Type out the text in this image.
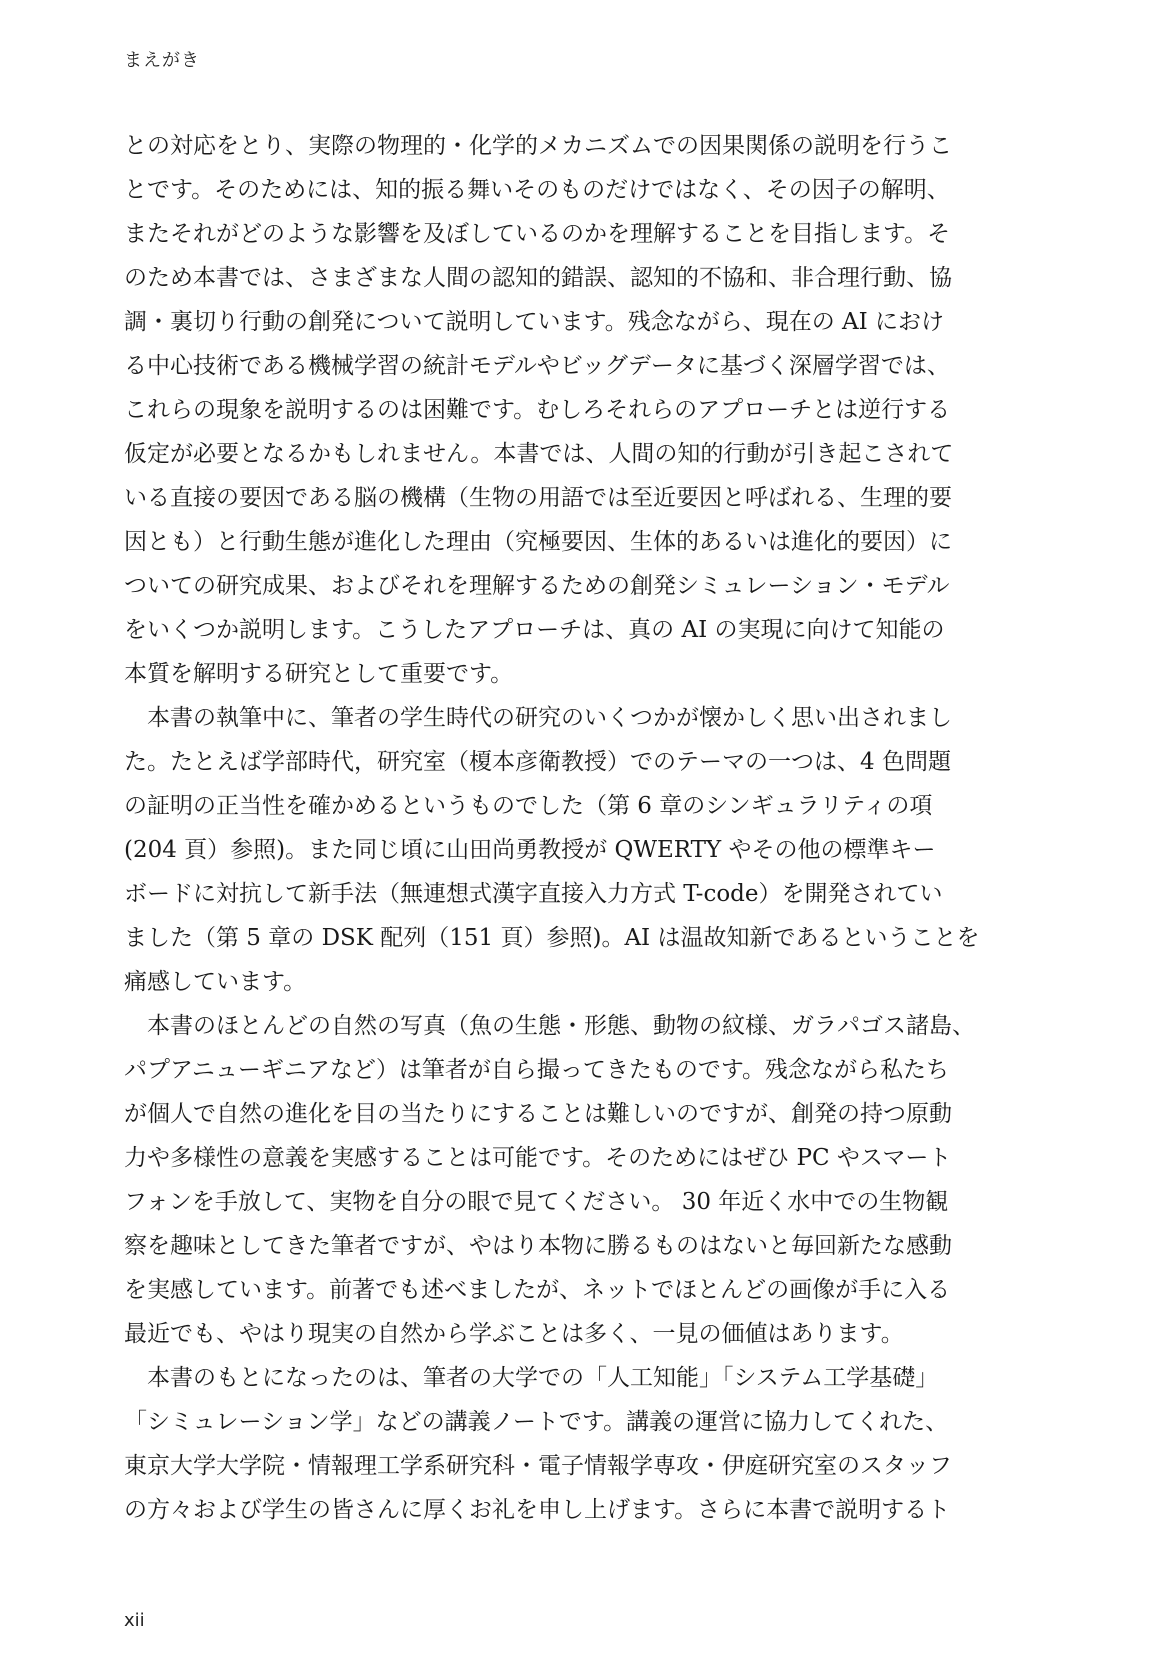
まえがき
との対応をとり、実際の物理的・化学的メカニズムでの因果関係の説明を行うこ
とです。そのためには、知的振る舞いそのものだけではなく、その因子の解明、
またそれがどのような影響を及ぼしているのかを理解することを目指します。そ
のため本書では、さまざまな人間の認知的錯誤、認知的不協和、非合理行動、協
調・裏切り行動の創発について説明しています。残念ながら、現在の AI におけ
る中心技術である機械学習の統計モデルやビッグデータに基づく深層学習では、
これらの現象を説明するのは困難です。むしろそれらのアプローチとは逆行する
仮定が必要となるかもしれません。本書では、人間の知的行動が引き起こされて
いる直接の要因である脳の機構（生物の用語では至近要因と呼ばれる、生理的要
因とも）と行動生態が進化した理由（究極要因、生体的あるいは進化的要因）に
ついての研究成果、およびそれを理解するための創発シミュレーション・モデル
をいくつか説明します。こうしたアプローチは、真の AI の実現に向けて知能の
本質を解明する研究として重要です。
本書の執筆中に、筆者の学生時代の研究のいくつかが懐かしく思い出されまし
た。たとえば学部時代，研究室（榎本彦衛教授）でのテーマの一つは、4 色問題
の証明の正当性を確かめるというものでした（第 6 章のシンギュラリティの項
(204 頁）参照)。また同じ頃に山田尚勇教授が QWERTY やその他の標準キー
ボードに対抗して新手法（無連想式漢字直接入力方式 T-code）を開発されてい
ました（第 5 章の DSK 配列（151 頁）参照)。AI は温故知新であるということを
痛感しています。
本書のほとんどの自然の写真（魚の生態・形態、動物の紋様、ガラパゴス諸島、
パプアニューギニアなど）は筆者が自ら撮ってきたものです。残念ながら私たち
が個人で自然の進化を目の当たりにすることは難しいのですが、創発の持つ原動
力や多様性の意義を実感することは可能です。そのためにはぜひ PC やスマート
フォンを手放して、実物を自分の眼で見てください。 30 年近く水中での生物観
察を趣味としてきた筆者ですが、やはり本物に勝るものはないと毎回新たな感動
を実感しています。前著でも述べましたが、ネットでほとんどの画像が手に入る
最近でも、やはり現実の自然から学ぶことは多く、一見の価値はあります。
本書のもとになったのは、筆者の大学での「人工知能」「システム工学基礎」
「シミュレーション学」などの講義ノートです。講義の運営に協力してくれた、
東京大学大学院・情報理工学系研究科・電子情報学専攻・伊庭研究室のスタッフ
の方々および学生の皆さんに厚くお礼を申し上げます。さらに本書で説明するト
xii
